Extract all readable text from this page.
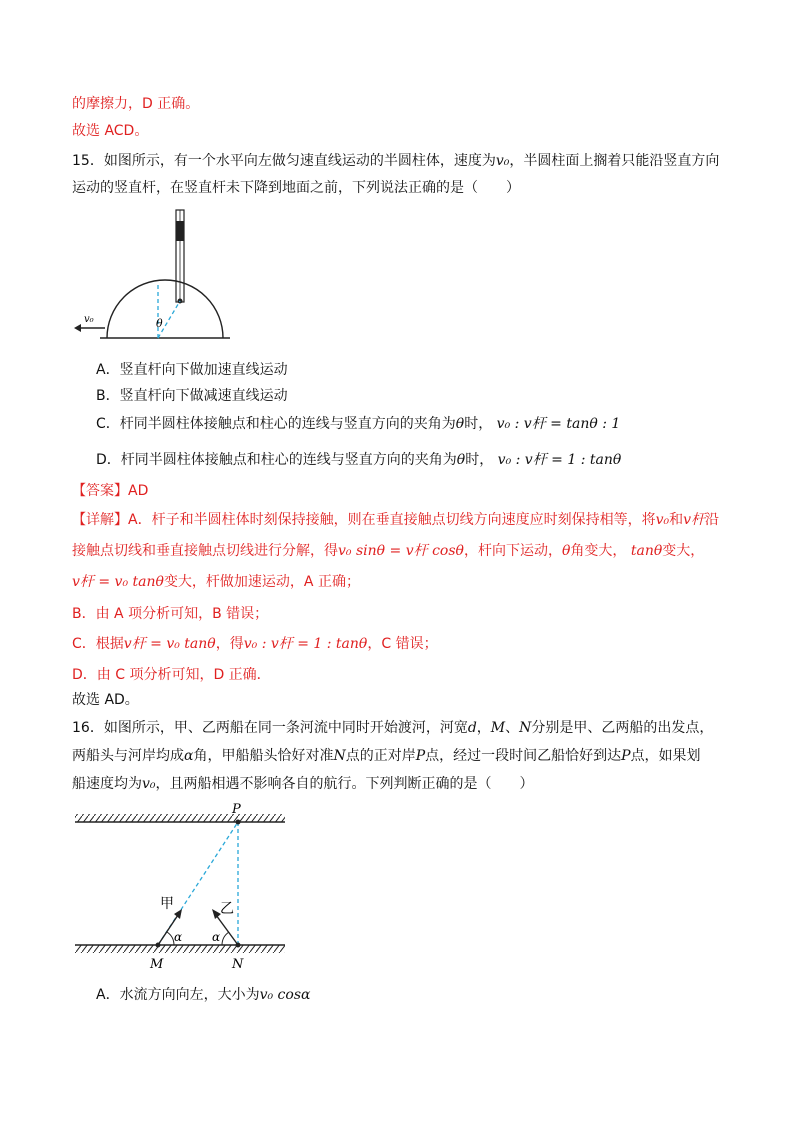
的摩擦力，D 正确。
故选 ACD。
15．如图所示，有一个水平向左做匀速直线运动的半圆柱体，速度为v₀，半圆柱面上搁着只能沿竖直方向
运动的竖直杆，在竖直杆未下降到地面之前，下列说法正确的是（　　）
v₀	θ
A．竖直杆向下做加速直线运动
B．竖直杆向下做减速直线运动
C．杆同半圆柱体接触点和柱心的连线与竖直方向的夹角为θ时， v₀ : v杆 = tanθ : 1
D．杆同半圆柱体接触点和柱心的连线与竖直方向的夹角为θ时， v₀ : v杆 = 1 : tanθ
【答案】AD
【详解】A．杆子和半圆柱体时刻保持接触，则在垂直接触点切线方向速度应时刻保持相等，将v₀和v杆沿
接触点切线和垂直接触点切线进行分解，得v₀ sinθ = v杆 cosθ，杆向下运动，θ角变大， tanθ变大，
v杆 = v₀ tanθ变大，杆做加速运动，A 正确；
B．由 A 项分析可知，B 错误；
C．根据v杆 = v₀ tanθ，得v₀ : v杆 = 1 : tanθ，C 错误；
D．由 C 项分析可知，D 正确．
故选 AD。
16．如图所示，甲、乙两船在同一条河流中同时开始渡河，河宽d，M、N分别是甲、乙两船的出发点，
两船头与河岸均成α角，甲船船头恰好对准N点的正对岸P点，经过一段时间乙船恰好到达P点，如果划
船速度均为v₀，且两船相遇不影响各自的航行。下列判断正确的是（　　）
P
甲	乙
α α
M	N
A．水流方向向左，大小为v₀ cosα
